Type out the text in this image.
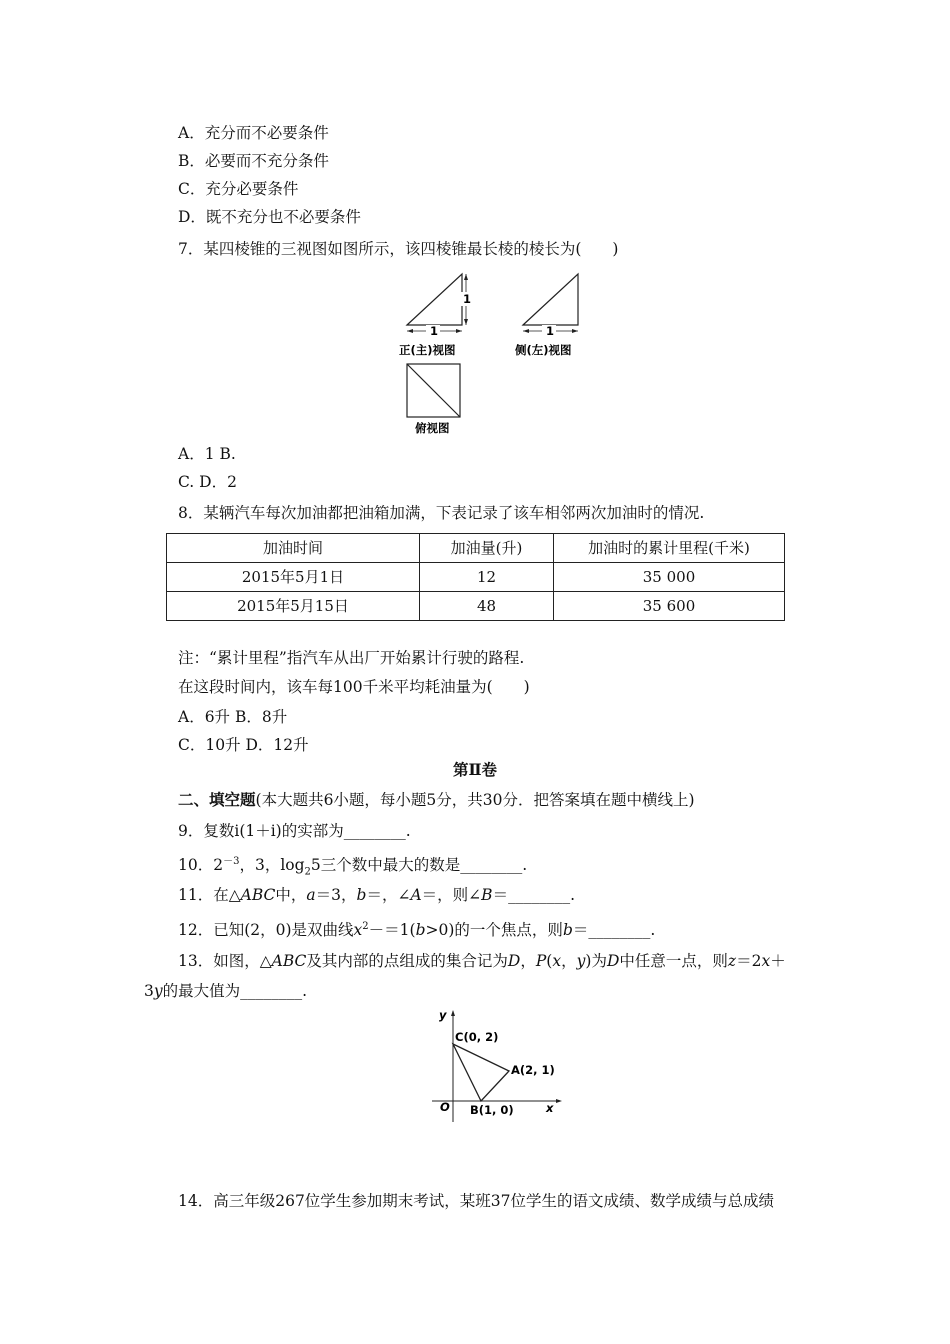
A．充分而不必要条件
B．必要而不充分条件
C．充分必要条件
D．既不充分也不必要条件
7．某四棱锥的三视图如图所示，该四棱锥最长棱的棱长为(　　)
1
1
正(主)视图
1
侧(左)视图
俯视图
A．1 B.
C. D．2
8．某辆汽车每次加油都把油箱加满，下表记录了该车相邻两次加油时的情况.
加油时间	加油量(升)	加油时的累计里程(千米)
2015年5月1日	12	35 000
2015年5月15日	48	35 600
注：“累计里程”指汽车从出厂开始累计行驶的路程.
在这段时间内，该车每100千米平均耗油量为(　　)
A．6升 B．8升
C．10升 D．12升
第Ⅱ卷
二、填空题(本大题共6小题，每小题5分，共30分．把答案填在题中横线上)
9．复数i(1＋i)的实部为________.
10．$2^{-3}$，3，$\log_25$三个数中最大的数是________.
11．在△ABC中，a＝3，b＝，∠A＝，则∠B＝________.
12．已知(2，0)是双曲线$x^2-=1(b>0)$的一个焦点，则b＝________.
13．如图，△ABC及其内部的点组成的集合记为D，P(x，y)为D中任意一点，则z＝2x＋
3y的最大值为________.
y
x
O
C(0, 2)
A(2, 1)
B(1, 0)
14．高三年级267位学生参加期末考试，某班37位学生的语文成绩、数学成绩与总成绩
